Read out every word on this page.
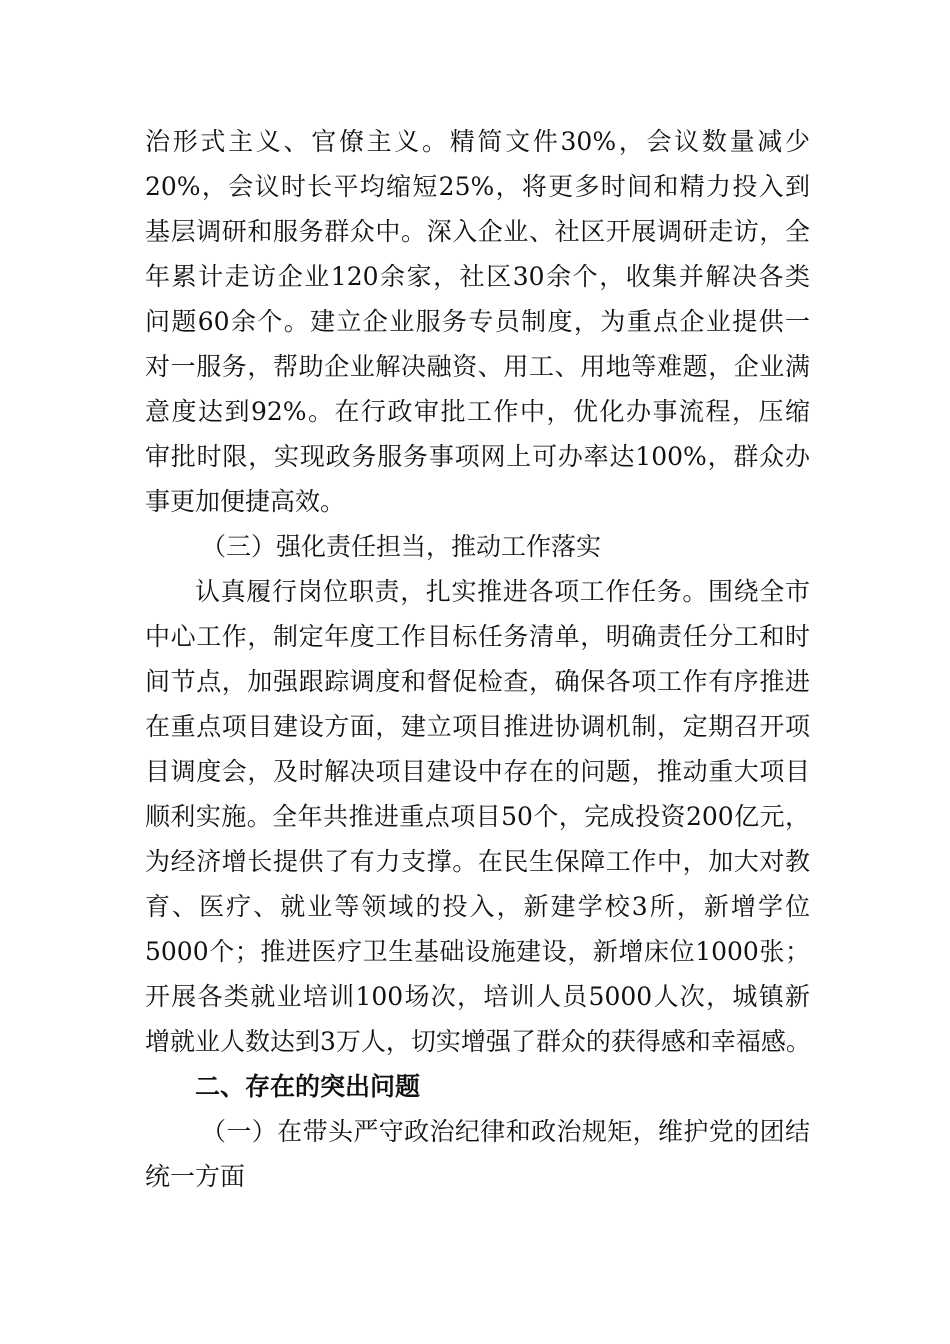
治形式主义、官僚主义。精简文件30%，会议数量减少
20%，会议时长平均缩短25%，将更多时间和精力投入到
基层调研和服务群众中。深入企业、社区开展调研走访，全
年累计走访企业120余家，社区30余个，收集并解决各类
问题60余个。建立企业服务专员制度，为重点企业提供一
对一服务，帮助企业解决融资、用工、用地等难题，企业满
意度达到92%。在行政审批工作中，优化办事流程，压缩
审批时限，实现政务服务事项网上可办率达100%，群众办
事更加便捷高效。
（三）强化责任担当，推动工作落实
认真履行岗位职责，扎实推进各项工作任务。围绕全市
中心工作，制定年度工作目标任务清单，明确责任分工和时
间节点，加强跟踪调度和督促检查，确保各项工作有序推进
在重点项目建设方面，建立项目推进协调机制，定期召开项
目调度会，及时解决项目建设中存在的问题，推动重大项目
顺利实施。全年共推进重点项目50个，完成投资200亿元，
为经济增长提供了有力支撑。在民生保障工作中，加大对教
育、医疗、就业等领域的投入，新建学校3所，新增学位
5000个；推进医疗卫生基础设施建设，新增床位1000张；
开展各类就业培训100场次，培训人员5000人次，城镇新
增就业人数达到3万人，切实增强了群众的获得感和幸福感。
二、存在的突出问题
（一）在带头严守政治纪律和政治规矩，维护党的团结
统一方面
